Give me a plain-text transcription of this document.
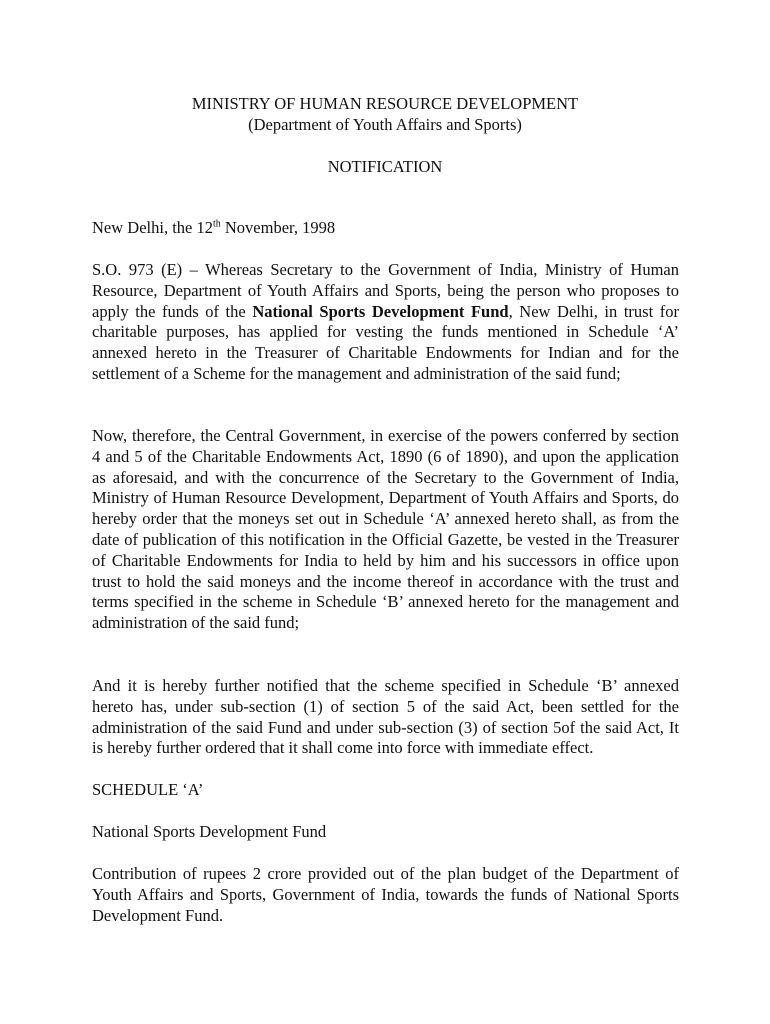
MINISTRY OF HUMAN RESOURCE DEVELOPMENT
(Department of Youth Affairs and Sports)
NOTIFICATION

New Delhi, the 12th November, 1998

S.O. 973 (E) – Whereas Secretary to the Government of India, Ministry of Human Resource, Department of Youth Affairs and Sports, being the person who proposes to apply the funds of the National Sports Development Fund, New Delhi, in trust for charitable purposes, has applied for vesting the funds mentioned in Schedule ‘A’ annexed hereto in the Treasurer of Charitable Endowments for Indian and for the settlement of a Scheme for the management and administration of the said fund;

Now, therefore, the Central Government, in exercise of the powers conferred by section 4 and 5 of the Charitable Endowments Act, 1890 (6 of 1890), and upon the application as aforesaid, and with the concurrence of the Secretary to the Government of India, Ministry of Human Resource Development, Department of Youth Affairs and Sports, do hereby order that the moneys set out in Schedule ‘A’ annexed hereto shall, as from the date of publication of this notification in the Official Gazette, be vested in the Treasurer of Charitable Endowments for India to held by him and his successors in office upon trust to hold the said moneys and the income thereof in accordance with the trust and terms specified in the scheme in Schedule ‘B’ annexed hereto for the management and administration of the said fund;

And it is hereby further notified that the scheme specified in Schedule ‘B’ annexed hereto has, under sub-section (1) of section 5 of the said Act, been settled for the administration of the said Fund and under sub-section (3) of section 5of the said Act, It is hereby further ordered that it shall come into force with immediate effect.

SCHEDULE ‘A’

National Sports Development Fund

Contribution of rupees 2 crore provided out of the plan budget of the Department of Youth Affairs and Sports, Government of India, towards the funds of National Sports Development Fund.
